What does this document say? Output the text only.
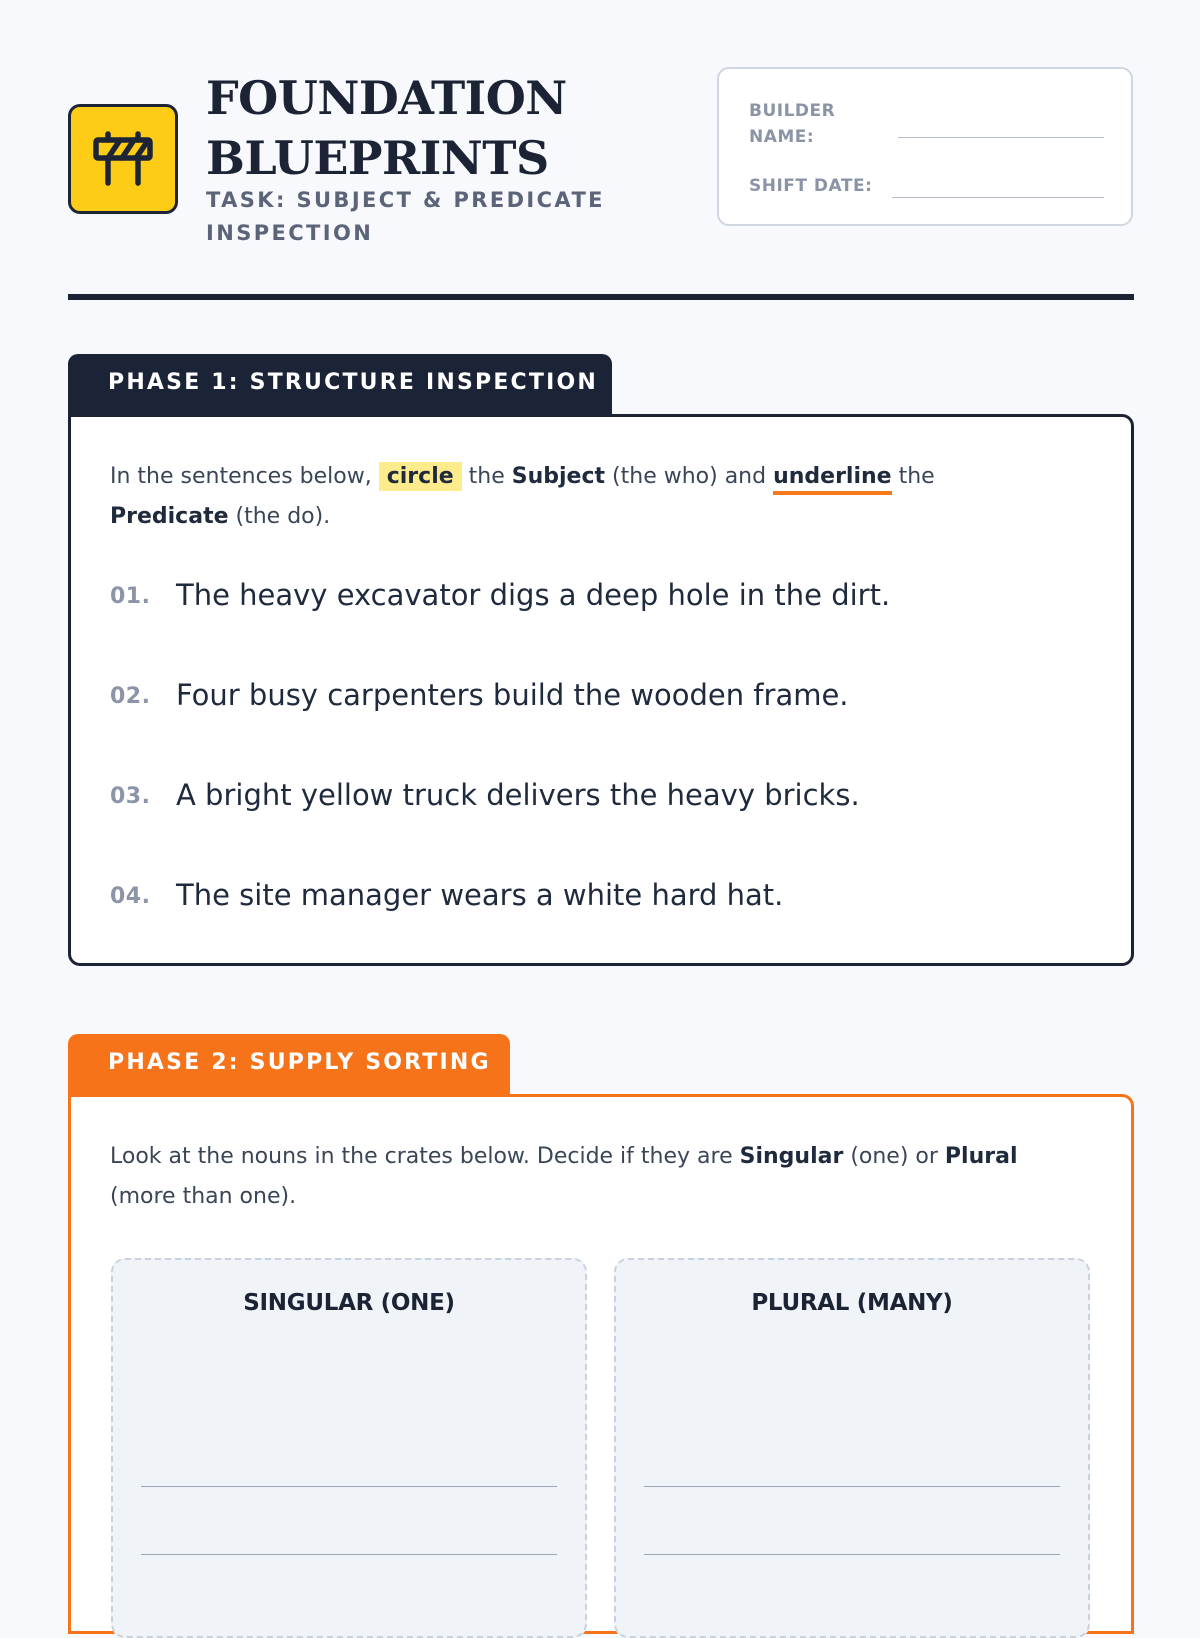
FOUNDATION BLUEPRINTS

TASK: SUBJECT & PREDICATE INSPECTION

BUILDER NAME:
SHIFT DATE:
PHASE 1: STRUCTURE INSPECTION

In the sentences below, circle the Subject (the who) and underline the Predicate (the do).

01. The heavy excavator digs a deep hole in the dirt.
02. Four busy carpenters build the wooden frame.
03. A bright yellow truck delivers the heavy bricks.
04. The site manager wears a white hard hat.
PHASE 2: SUPPLY SORTING

Look at the nouns in the crates below. Decide if they are Singular (one) or Plural (more than one).

SINGULAR (ONE)	PLURAL (MANY)
